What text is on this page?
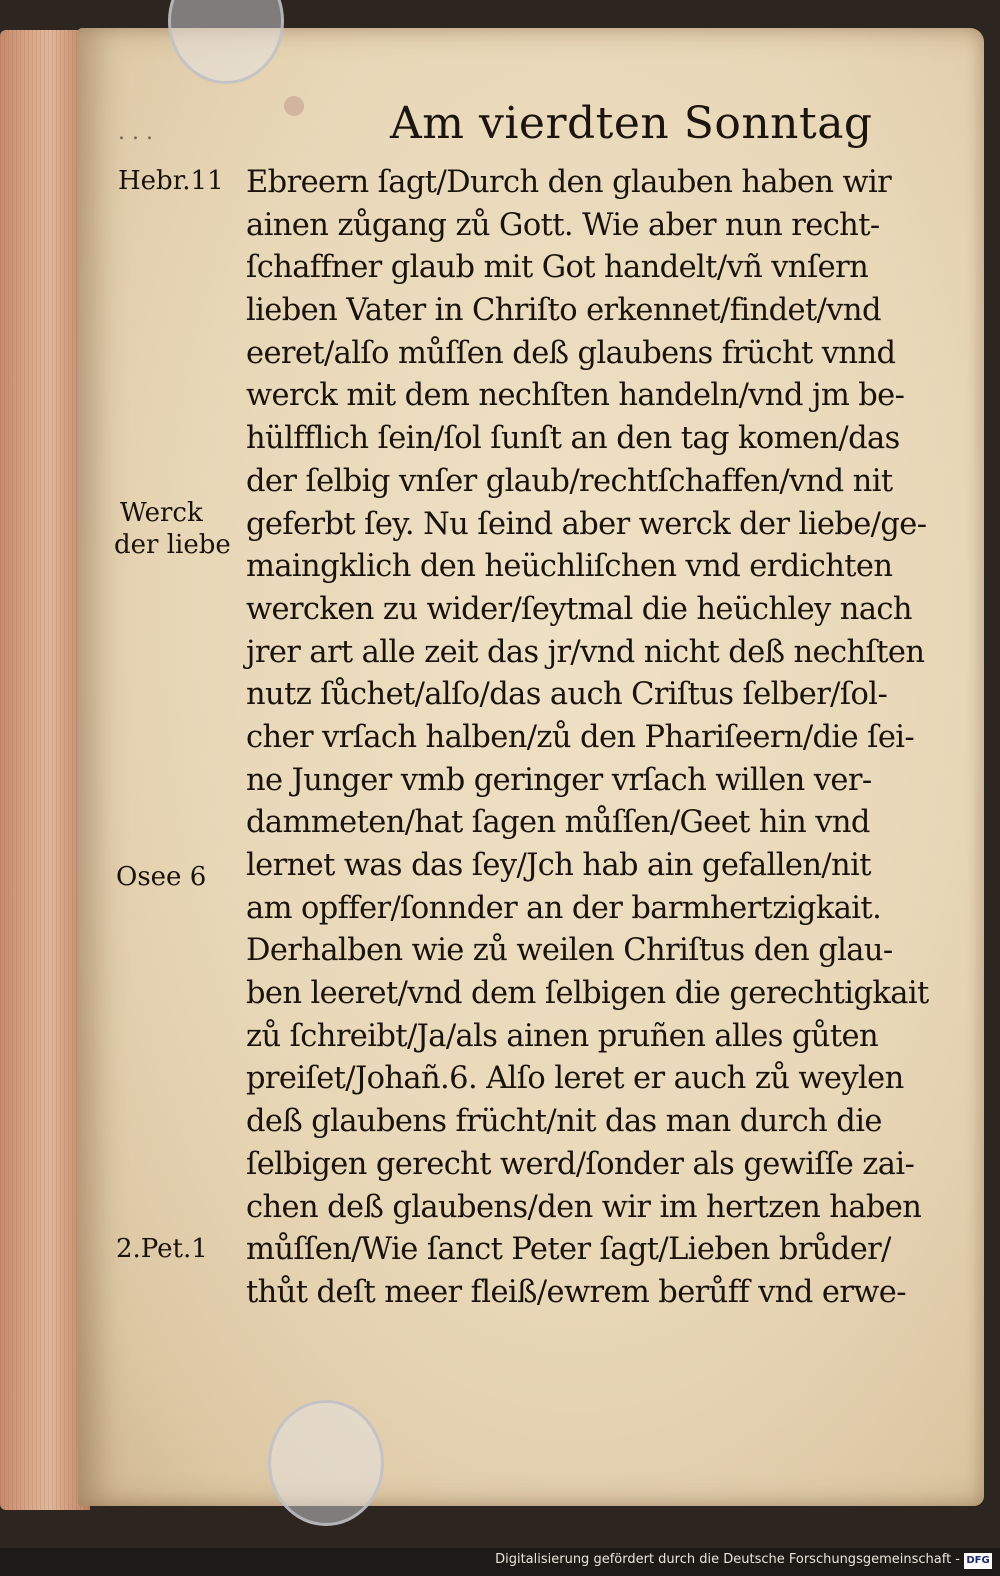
. . .	Am vierdten Sonntag
Hebr.11
Werck
der liebe
Osee 6
2.Pet.1
Ebreern ſagt/Durch den glauben haben wir
ainen zůgang zů Gott. Wie aber nun recht-
ſchaffner glaub mit Got handelt/vñ vnſern
lieben Vater in Chriſto erkennet/findet/vnd
eeret/alſo můſſen deß glaubens frücht vnnd
werck mit dem nechſten handeln/vnd jm be-
hülfflich ſein/ſol ſunſt an den tag komen/das
der ſelbig vnſer glaub/rechtſchaffen/vnd nit
geferbt ſey. Nu ſeind aber werck der liebe/ge-
maingklich den heüchliſchen vnd erdichten
wercken zu wider/ſeytmal die heüchley nach
jrer art alle zeit das jr/vnd nicht deß nechſten
nutz ſůchet/alſo/das auch Criſtus ſelber/ſol-
cher vrſach halben/zů den Phariſeern/die ſei-
ne Junger vmb geringer vrſach willen ver-
dammeten/hat ſagen můſſen/Geet hin vnd
lernet was das ſey/Jch hab ain gefallen/nit
am opffer/ſonnder an der barmhertzigkait.
Derhalben wie zů weilen Chriſtus den glau-
ben leeret/vnd dem ſelbigen die gerechtigkait
zů ſchreibt/Ja/als ainen pruñen alles gůten
preiſet/Johañ.6. Alſo leret er auch zů weylen
deß glaubens frücht/nit das man durch die
ſelbigen gerecht werd/ſonder als gewiſſe zai-
chen deß glaubens/den wir im hertzen haben
můſſen/Wie ſanct Peter ſagt/Lieben brůder/
thůt deſt meer fleiß/ewrem berůff vnd erwe-
Digitalisierung gefördert durch die Deutsche Forschungsgemeinschaft - DFG
